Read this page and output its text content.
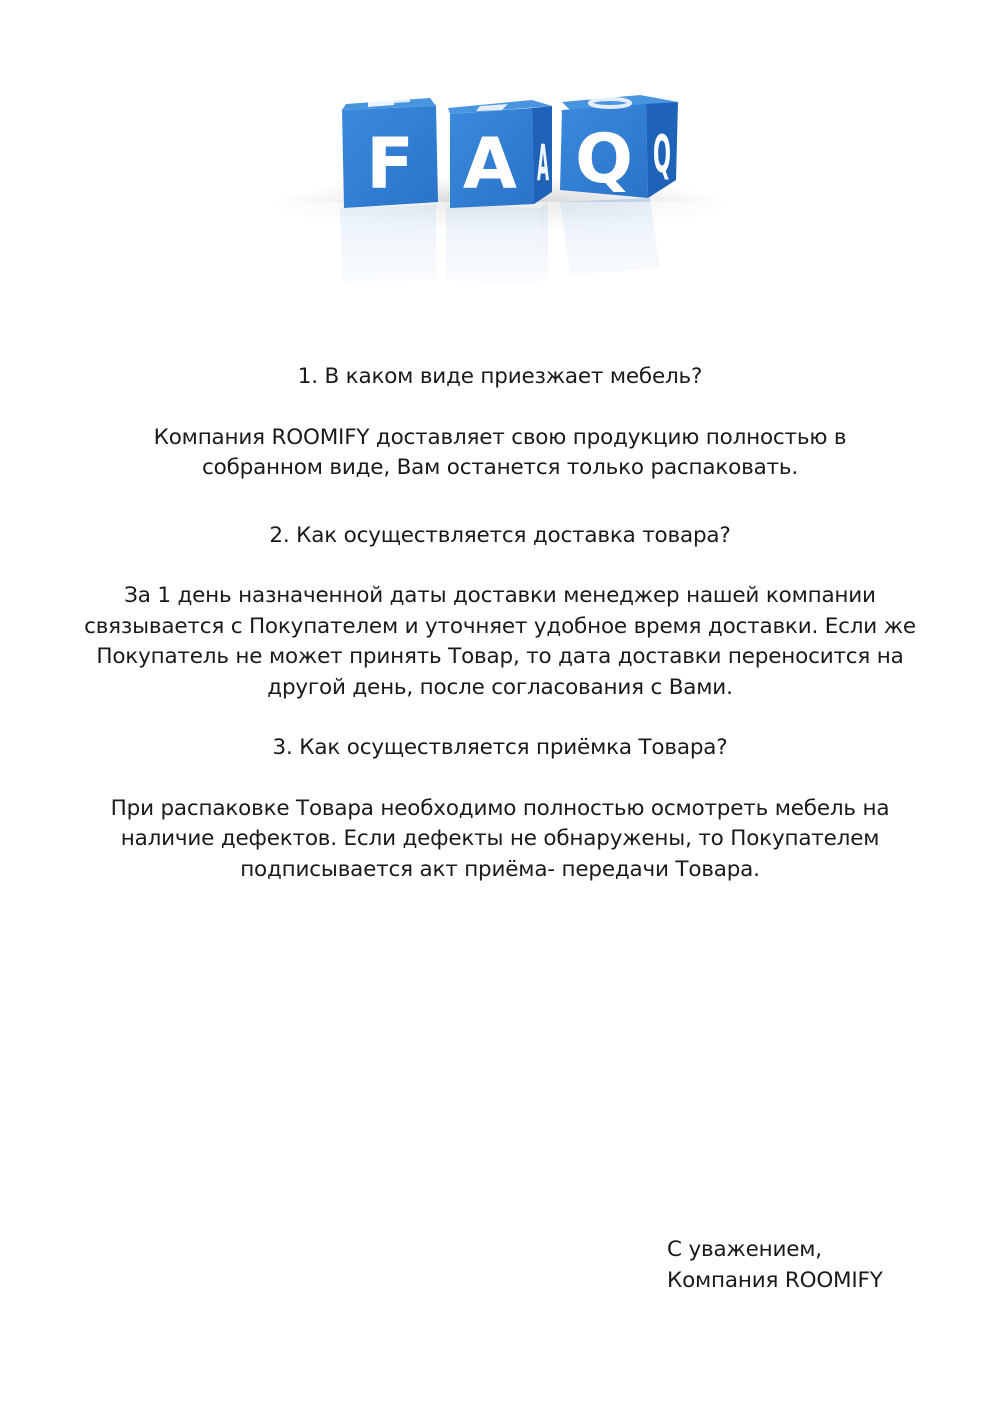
F A A Q Q

1. В каком виде приезжает мебель?

Компания ROOMIFY доставляет свою продукцию полностью в
собранном виде, Вам останется только распаковать.

2. Как осуществляется доставка товара?

За 1 день назначенной даты доставки менеджер нашей компании
связывается с Покупателем и уточняет удобное время доставки. Если же
Покупатель не может принять Товар, то дата доставки переносится на
другой день, после согласования с Вами.

3. Как осуществляется приёмка Товара?

При распаковке Товара необходимо полностью осмотреть мебель на
наличие дефектов. Если дефекты не обнаружены, то Покупателем
подписывается акт приёма- передачи Товара.

С уважением,
Компания ROOMIFY
